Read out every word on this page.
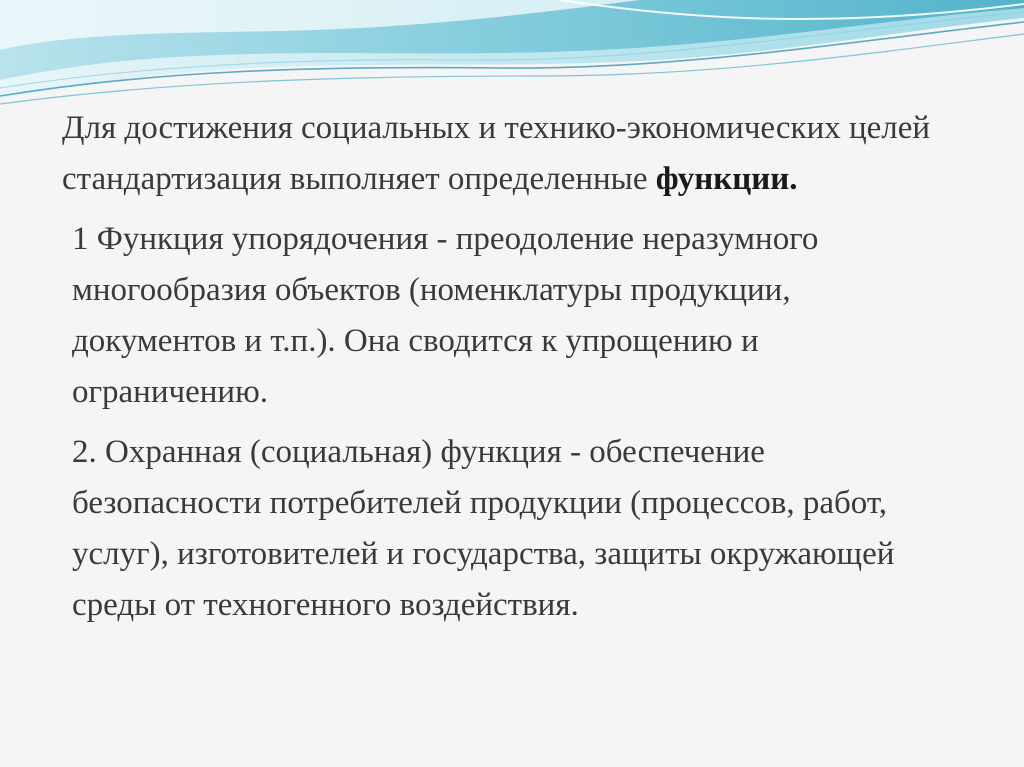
Для достижения социальных и технико-экономических целей стандартизация выполняет определенные функции.

1 Функция упорядочения - преодоление неразумного многообразия объектов (номенклатуры продукции, документов и т.п.). Она сводится к упрощению и ограничению.

2. Охранная (социальная) функция - обеспечение безопасности потребителей продукции (процессов, работ, услуг), изготовителей и государства, защиты окружающей среды от техногенного воздействия.
